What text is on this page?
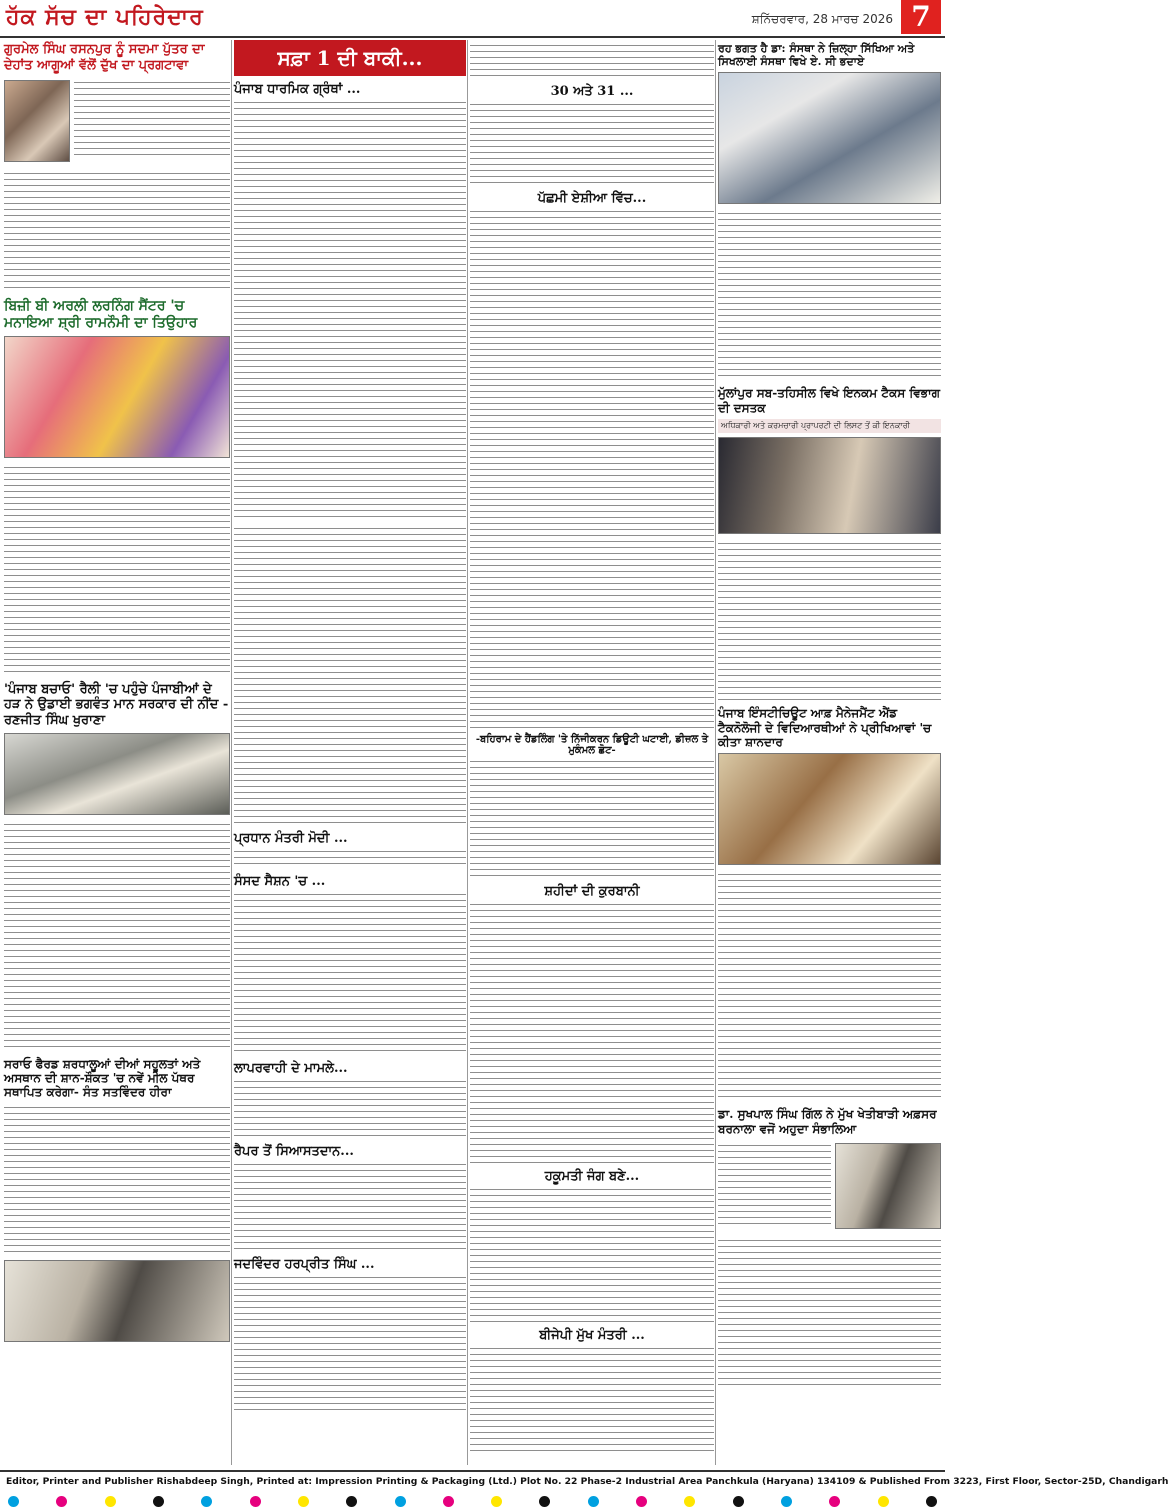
ਹੱਕ ਸੱਚ ਦਾ ਪਹਿਰੇਦਾਰ	ਸ਼ਨਿੱਚਰਵਾਰ, 28 ਮਾਰਚ 2026 7
ਗੁਰਮੇਲ ਸਿੰਘ ਰਸਨਪੁਰ ਨੂੰ ਸਦਮਾ ਪੁੱਤਰ ਦਾ ਦੇਹਾਂਤ ਆਗੂਆਂ ਵੱਲੋਂ ਦੁੱਖ ਦਾ ਪ੍ਰਗਟਾਵਾ
ਬਿਜ਼ੀ ਬੀ ਅਰਲੀ ਲਰਨਿੰਗ ਸੈਂਟਰ 'ਚ ਮਨਾਇਆ ਸ਼੍ਰੀ ਰਾਮਨੌਮੀ ਦਾ ਤਿਉਹਾਰ
'ਪੰਜਾਬ ਬਚਾਓ' ਰੈਲੀ 'ਚ ਪਹੁੰਚੇ ਪੰਜਾਬੀਆਂ ਦੇ ਹੜ ਨੇ ਉਡਾਈ ਭਗਵੰਤ ਮਾਨ ਸਰਕਾਰ ਦੀ ਨੀਂਦ - ਰਣਜੀਤ ਸਿੰਘ ਖੁਰਾਣਾ
ਸਰਾਓ ਫੈਰਡ ਸ਼ਰਧਾਲੂਆਂ ਦੀਆਂ ਸਹੂਲਤਾਂ ਅਤੇ ਅਸਥਾਨ ਦੀ ਸ਼ਾਨ-ਸ਼ੌਕਤ 'ਚ ਨਵੇਂ ਮੀਲ ਪੱਥਰ ਸਥਾਪਿਤ ਕਰੇਗਾ- ਸੰਤ ਸਤਵਿੰਦਰ ਹੀਰਾ
ਸਫ਼ਾ 1 ਦੀ ਬਾਕੀ...
ਪੰਜਾਬ ਧਾਰਮਿਕ ਗ੍ਰੰਥਾਂ ...
ਪ੍ਰਧਾਨ ਮੰਤਰੀ ਮੋਦੀ ...
ਸੰਸਦ ਸੈਸ਼ਨ 'ਚ ...
ਲਾਪਰਵਾਹੀ ਦੇ ਮਾਮਲੇ...
ਰੈਪਰ ਤੋਂ ਸਿਆਸਤਦਾਨ...
ਜਦਵਿੰਦਰ ਹਰਪ੍ਰੀਤ ਸਿੰਘ ...
30 ਅਤੇ 31 ...
ਪੱਛਮੀ ਏਸ਼ੀਆ ਵਿੱਚ...
-ਬਹਿਰਾਮ ਦੇ ਹੈਂਡਲਿੰਗ 'ਤੇ ਨਿੱਜੀਕਰਨ ਡਿਊਟੀ ਘਟਾਈ, ਡੀਜ਼ਲ ਤੇ ਮੁਕੰਮਲ ਛੋਟ-
ਸ਼ਹੀਦਾਂ ਦੀ ਕੁਰਬਾਨੀ
ਹਕੂਮਤੀ ਜੰਗ ਬਣੇ...
ਬੀਜੇਪੀ ਮੁੱਖ ਮੰਤਰੀ ...
ਰਹ ਭਗਤ ਹੈ ਡਾ: ਸੰਸਥਾ ਨੇ ਜ਼ਿਲ੍ਹਾ ਸਿੱਖਿਆ ਅਤੇ ਸਿਖਲਾਈ ਸੰਸਥਾ ਵਿਖੇ ਏ. ਸੀ ਭਦਾਏ
ਮੁੱਲਾਂਪੁਰ ਸਬ-ਤਹਿਸੀਲ ਵਿਖੇ ਇਨਕਮ ਟੈਕਸ ਵਿਭਾਗ ਦੀ ਦਸਤਕ
ਅਧਿਕਾਰੀ ਅਤੇ ਕਰਮਚਾਰੀ ਪ੍ਰਾਪਰਟੀ ਦੀ ਲਿਸਟ ਤੋਂ ਕੀ ਇਨਕਾਰੀ
ਪੰਜਾਬ ਇੰਸਟੀਚਿਊਟ ਆਫ਼ ਮੈਨੇਜਮੈਂਟ ਐਂਡ ਟੈਕਨੋਲੋਜੀ ਦੇ ਵਿਦਿਆਰਥੀਆਂ ਨੇ ਪ੍ਰੀਖਿਆਵਾਂ 'ਚ ਕੀਤਾ ਸ਼ਾਨਦਾਰ
ਡਾ. ਸੁਖਪਾਲ ਸਿੰਘ ਗਿੱਲ ਨੇ ਮੁੱਖ ਖੇਤੀਬਾੜੀ ਅਫ਼ਸਰ ਬਰਨਾਲਾ ਵਜੋਂ ਅਹੁਦਾ ਸੰਭਾਲਿਆ
Editor, Printer and Publisher Rishabdeep Singh, Printed at: Impression Printing & Packaging (Ltd.) Plot No. 22 Phase-2 Industrial Area Panchkula (Haryana) 134109 & Published From 3223, First Floor, Sector-25D, Chandigarh
